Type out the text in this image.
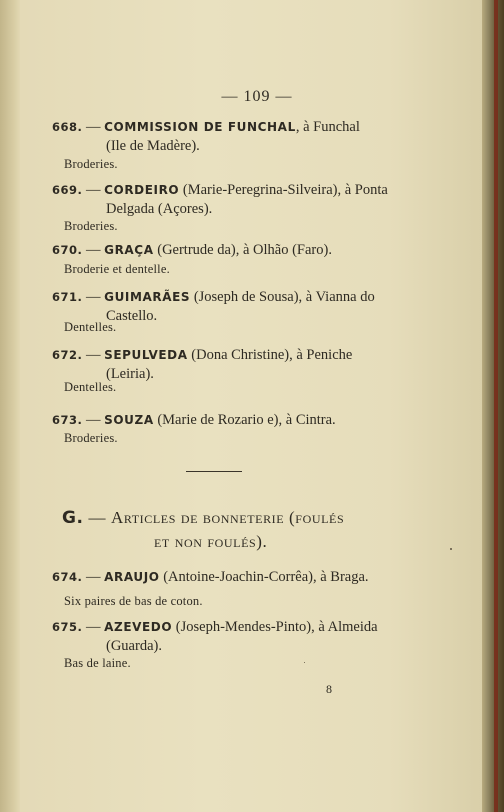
— 109 —
668. — COMMISSION DE FUNCHAL, à Funchal
(Ile de Madère).
Broderies.
669. — CORDEIRO (Marie-Peregrina-Silveira), à Ponta
Delgada (Açores).
Broderies.
670. — GRAÇA (Gertrude da), à Olhão (Faro).
Broderie et dentelle.
671. — GUIMARÃES (Joseph de Sousa), à Vianna do
Castello.
Dentelles.
672. — SEPULVEDA (Dona Christine), à Peniche
(Leiria).
Dentelles.
673. — SOUZA (Marie de Rozario e), à Cintra.
Broderies.
G. — Articles de bonneterie (foulés
et non foulés).
674. — ARAUJO (Antoine-Joachin-Corrêa), à Braga.
Six paires de bas de coton.
675. — AZEVEDO (Joseph-Mendes-Pinto), à Almeida
(Guarda).
Bas de laine.
8
